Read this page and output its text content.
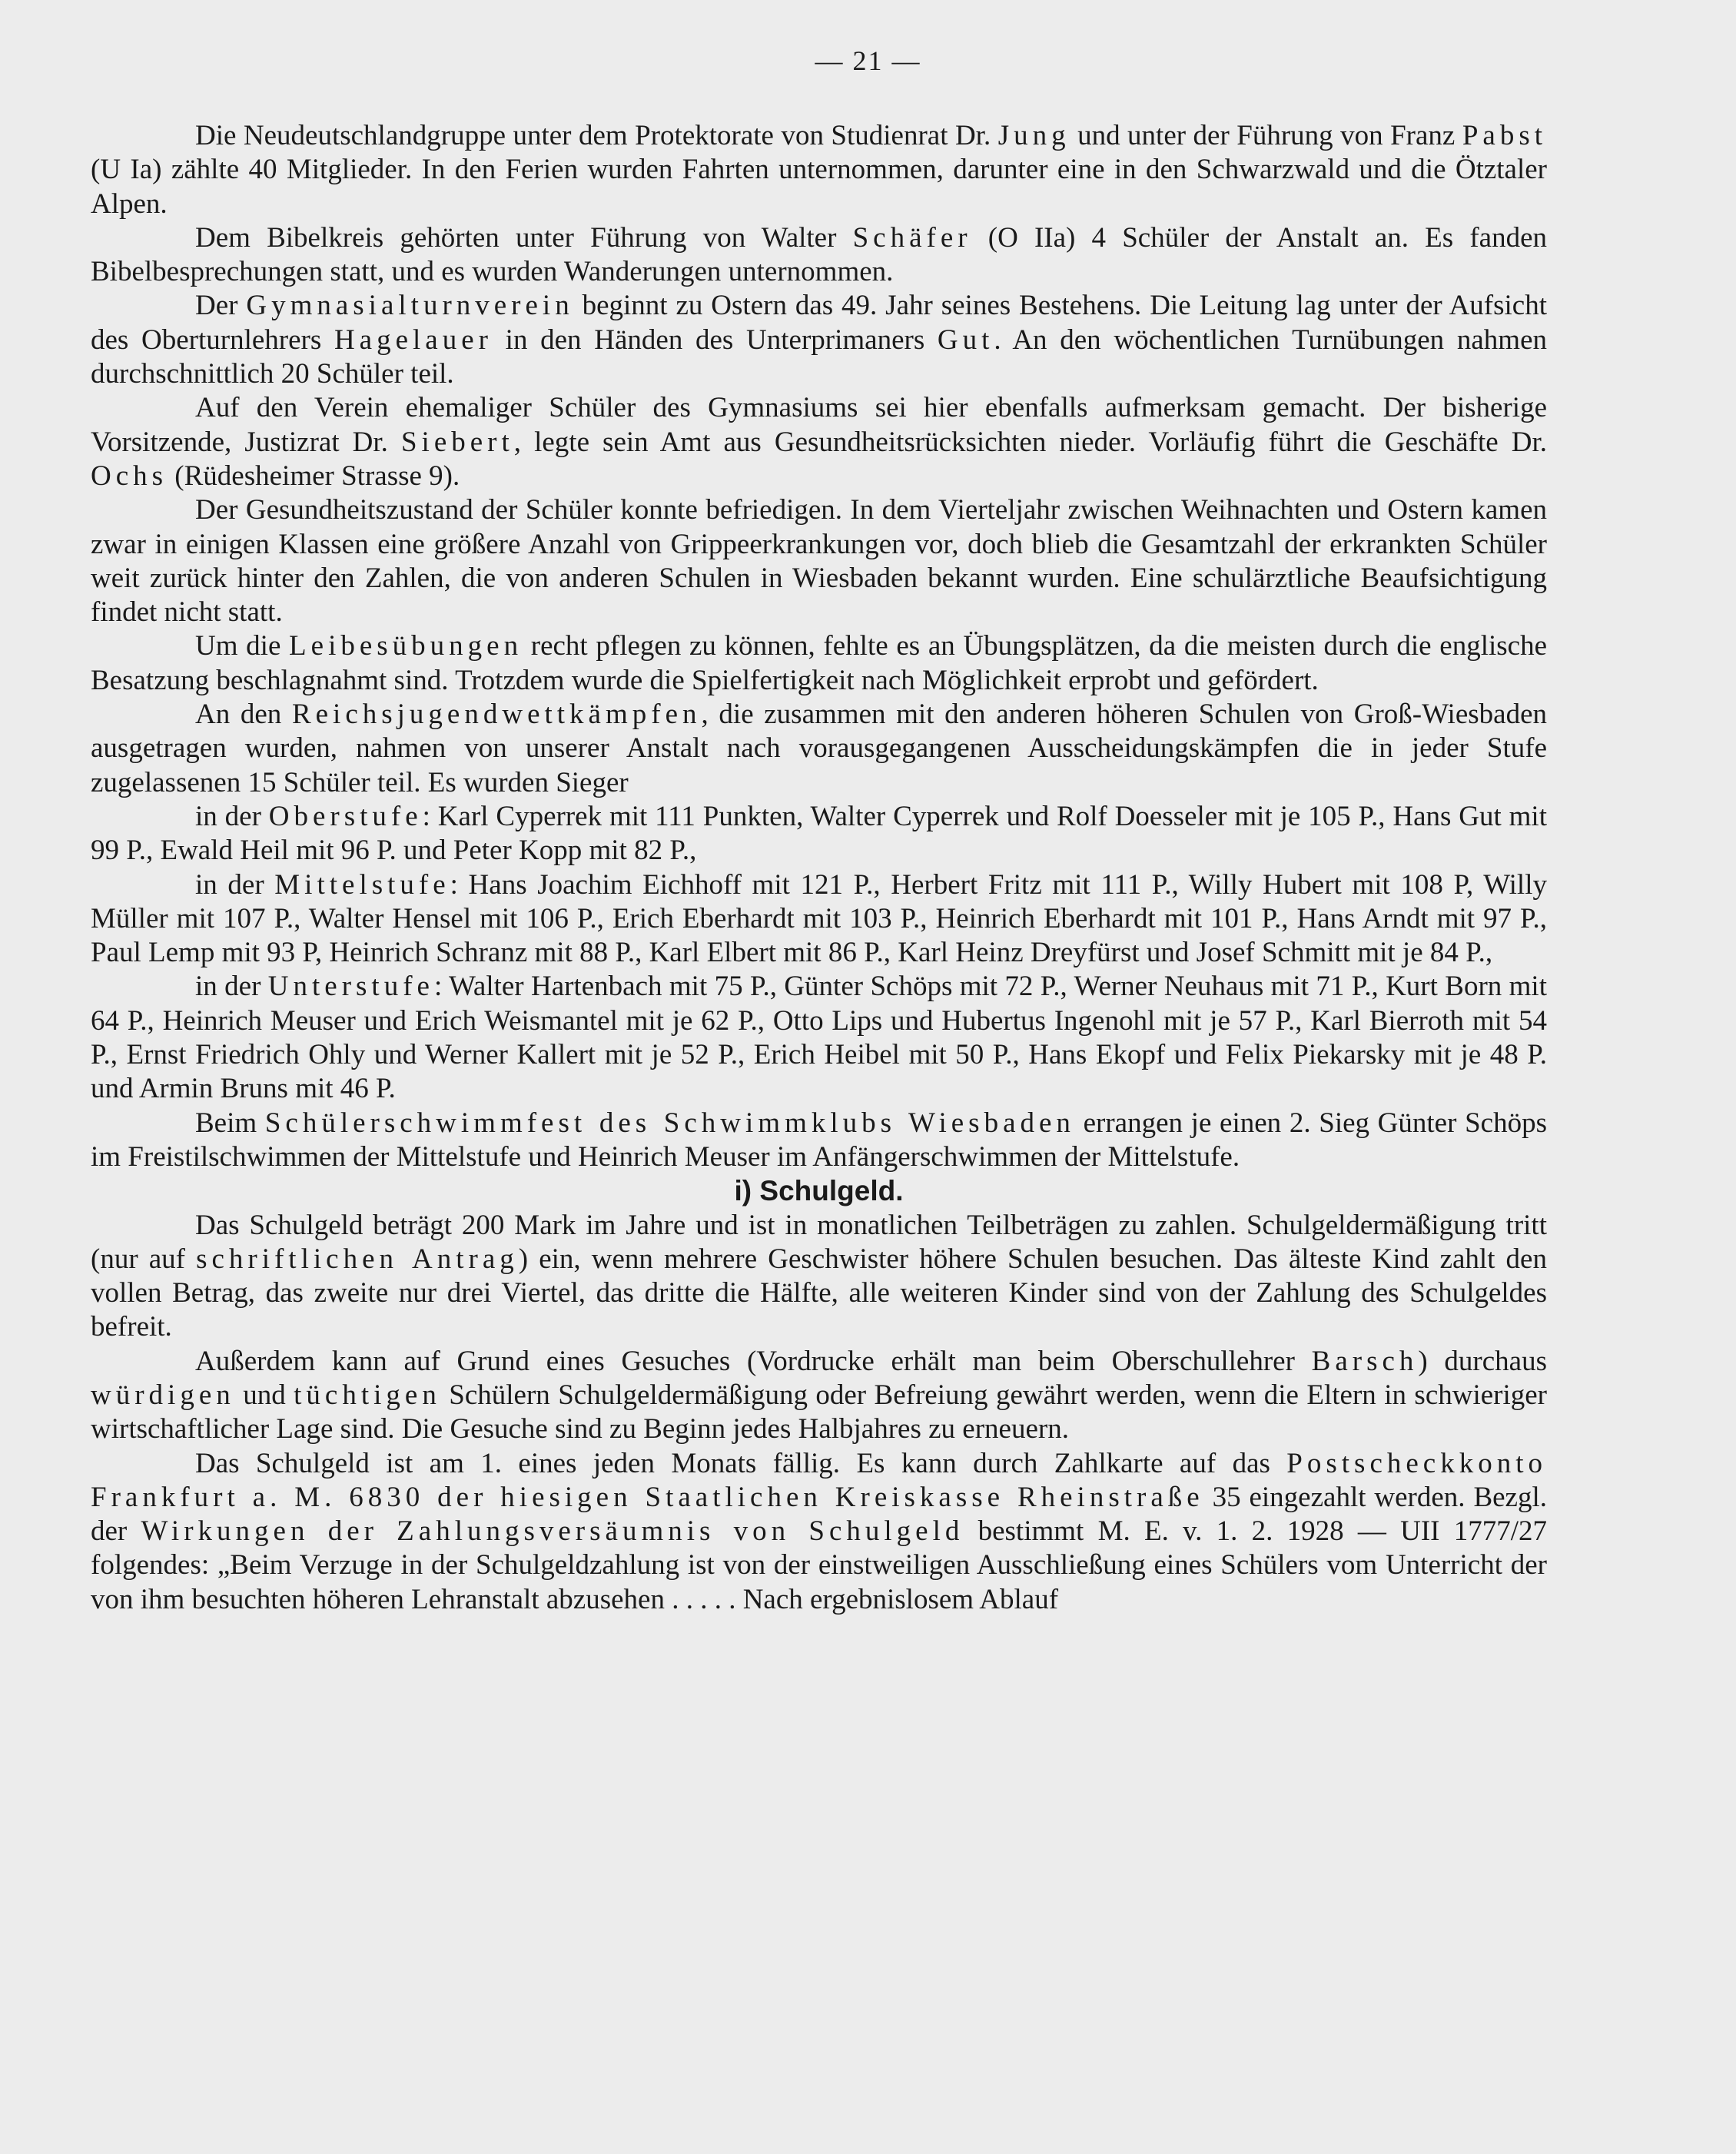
— 21 —

Die Neudeutschlandgruppe unter dem Protektorate von Studienrat Dr. Jung und unter der Führung von Franz Pabst (U Ia) zählte 40 Mitglieder. In den Ferien wurden Fahrten unternommen, darunter eine in den Schwarzwald und die Ötztaler Alpen.

Dem Bibelkreis gehörten unter Führung von Walter Schäfer (O IIa) 4 Schüler der Anstalt an. Es fanden Bibelbesprechungen statt, und es wurden Wanderungen unternommen.

Der Gymnasialturnverein beginnt zu Ostern das 49. Jahr seines Bestehens. Die Leitung lag unter der Aufsicht des Oberturnlehrers Hagelauer in den Händen des Unterprimaners Gut. An den wöchentlichen Turnübungen nahmen durchschnittlich 20 Schüler teil.

Auf den Verein ehemaliger Schüler des Gymnasiums sei hier ebenfalls aufmerksam gemacht. Der bisherige Vorsitzende, Justizrat Dr. Siebert, legte sein Amt aus Gesundheitsrücksichten nieder. Vorläufig führt die Geschäfte Dr. Ochs (Rüdesheimer Strasse 9).

Der Gesundheitszustand der Schüler konnte befriedigen. In dem Vierteljahr zwischen Weihnachten und Ostern kamen zwar in einigen Klassen eine größere Anzahl von Grippeerkrankungen vor, doch blieb die Gesamtzahl der erkrankten Schüler weit zurück hinter den Zahlen, die von anderen Schulen in Wiesbaden bekannt wurden. Eine schulärztliche Beaufsichtigung findet nicht statt.

Um die Leibesübungen recht pflegen zu können, fehlte es an Übungsplätzen, da die meisten durch die englische Besatzung beschlagnahmt sind. Trotzdem wurde die Spielfertigkeit nach Möglichkeit erprobt und gefördert.

An den Reichsjugendwettkämpfen, die zusammen mit den anderen höheren Schulen von Groß-Wiesbaden ausgetragen wurden, nahmen von unserer Anstalt nach vorausgegangenen Ausscheidungskämpfen die in jeder Stufe zugelassenen 15 Schüler teil. Es wurden Sieger

in der Oberstufe: Karl Cyperrek mit 111 Punkten, Walter Cyperrek und Rolf Doesseler mit je 105 P., Hans Gut mit 99 P., Ewald Heil mit 96 P. und Peter Kopp mit 82 P.,

in der Mittelstufe: Hans Joachim Eichhoff mit 121 P., Herbert Fritz mit 111 P., Willy Hubert mit 108 P, Willy Müller mit 107 P., Walter Hensel mit 106 P., Erich Eberhardt mit 103 P., Heinrich Eberhardt mit 101 P., Hans Arndt mit 97 P., Paul Lemp mit 93 P, Heinrich Schranz mit 88 P., Karl Elbert mit 86 P., Karl Heinz Dreyfürst und Josef Schmitt mit je 84 P.,

in der Unterstufe: Walter Hartenbach mit 75 P., Günter Schöps mit 72 P., Werner Neuhaus mit 71 P., Kurt Born mit 64 P., Heinrich Meuser und Erich Weismantel mit je 62 P., Otto Lips und Hubertus Ingenohl mit je 57 P., Karl Bierroth mit 54 P., Ernst Friedrich Ohly und Werner Kallert mit je 52 P., Erich Heibel mit 50 P., Hans Ekopf und Felix Piekarsky mit je 48 P. und Armin Bruns mit 46 P.

Beim Schülerschwimmfest des Schwimmklubs Wiesbaden errangen je einen 2. Sieg Günter Schöps im Freistilschwimmen der Mittelstufe und Heinrich Meuser im Anfängerschwimmen der Mittelstufe.

i) Schulgeld.

Das Schulgeld beträgt 200 Mark im Jahre und ist in monatlichen Teilbeträgen zu zahlen. Schulgeldermäßigung tritt (nur auf schriftlichen Antrag) ein, wenn mehrere Geschwister höhere Schulen besuchen. Das älteste Kind zahlt den vollen Betrag, das zweite nur drei Viertel, das dritte die Hälfte, alle weiteren Kinder sind von der Zahlung des Schulgeldes befreit.

Außerdem kann auf Grund eines Gesuches (Vordrucke erhält man beim Oberschullehrer Barsch) durchaus würdigen und tüchtigen Schülern Schulgeldermäßigung oder Befreiung gewährt werden, wenn die Eltern in schwieriger wirtschaftlicher Lage sind. Die Gesuche sind zu Beginn jedes Halbjahres zu erneuern.

Das Schulgeld ist am 1. eines jeden Monats fällig. Es kann durch Zahlkarte auf das Postscheckkonto Frankfurt a. M. 6830 der hiesigen Staatlichen Kreiskasse Rheinstraße 35 eingezahlt werden. Bezgl. der Wirkungen der Zahlungsversäumnis von Schulgeld bestimmt M. E. v. 1. 2. 1928 — UII 1777/27 folgendes: „Beim Verzuge in der Schulgeldzahlung ist von der einstweiligen Ausschließung eines Schülers vom Unterricht der von ihm besuchten höheren Lehranstalt abzusehen . . . . . Nach ergebnislosem Ablauf
